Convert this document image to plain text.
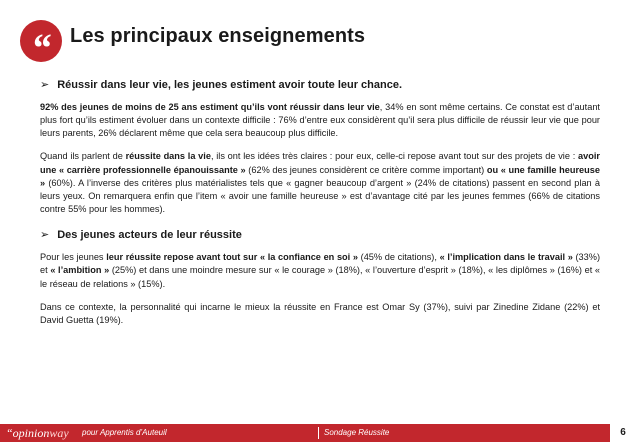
“ Les principaux enseignements
➢ Réussir dans leur vie, les jeunes estiment avoir toute leur chance.

92% des jeunes de moins de 25 ans estiment qu’ils vont réussir dans leur vie, 34% en sont même certains. Ce constat est d’autant plus fort qu’ils estiment évoluer dans un contexte difficile : 76% d’entre eux considèrent qu’il sera plus difficile de réussir leur vie que pour leurs parents, 26% déclarent même que cela sera beaucoup plus difficile.

Quand ils parlent de réussite dans la vie, ils ont les idées très claires : pour eux, celle-ci repose avant tout sur des projets de vie : avoir une « carrière professionnelle épanouissante » (62% des jeunes considèrent ce critère comme important) ou « une famille heureuse » (60%). A l’inverse des critères plus matérialistes tels que « gagner beaucoup d’argent » (24% de citations) passent en second plan à leurs yeux. On remarquera enfin que l’item « avoir une famille heureuse » est d’avantage cité par les jeunes femmes (66% de citations contre 55% pour les hommes).

➢ Des jeunes acteurs de leur réussite

Pour les jeunes leur réussite repose avant tout sur « la confiance en soi » (45% de citations), « l’implication dans le travail » (33%) et « l’ambition » (25%) et dans une moindre mesure sur « le courage » (18%), « l’ouverture d’esprit » (18%), « les diplômes » (16%) et « le réseau de relations » (15%).

Dans ce contexte, la personnalité qui incarne le mieux la réussite en France est Omar Sy (37%), suivi par Zinedine Zidane (22%) et David Guetta (19%).

“opinionway pour Apprentis d’Auteuil	Sondage Réussite	6
